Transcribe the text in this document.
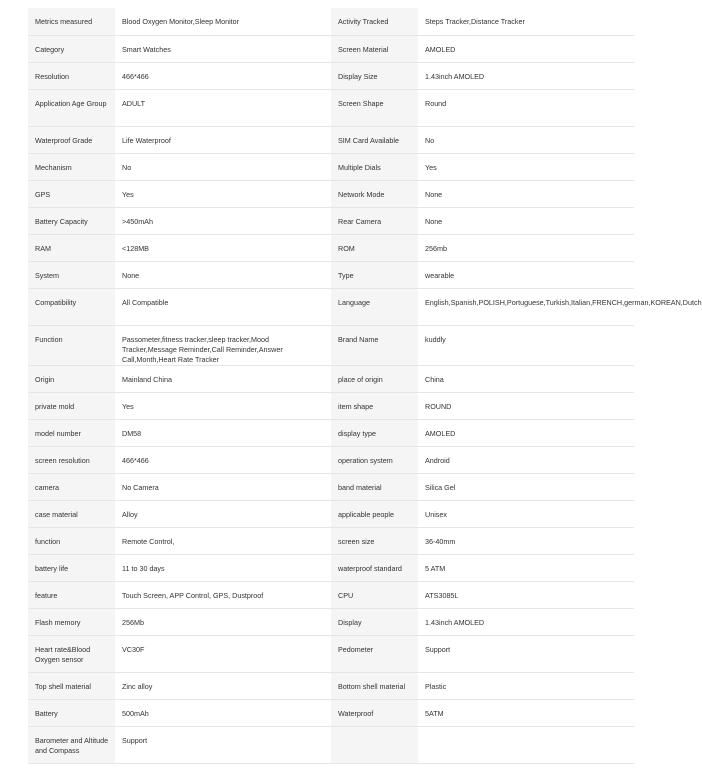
Metrics measured	Blood Oxygen Monitor,Sleep Monitor	Activity Tracked	Steps Tracker,Distance Tracker
Category	Smart Watches	Screen Material	AMOLED
Resolution	466*466	Display Size	1.43inch AMOLED
Application Age Group	ADULT	Screen Shape	Round
Waterproof Grade	Life Waterproof	SIM Card Available	No
Mechanism	No	Multiple Dials	Yes
GPS	Yes	Network Mode	None
Battery Capacity	>450mAh	Rear Camera	None
RAM	<128MB	ROM	256mb
System	None	Type	wearable
Compatibility	All Compatible	Language	English,Spanish,POLISH,Portuguese,Turkish,Italian,FRENCH,german,KOREAN,Dutch
Function	Passometer,fitness tracker,sleep tracker,Mood Tracker,Message Reminder,Call Reminder,Answer Call,Month,Heart Rate Tracker	Brand Name	kuddly
Origin	Mainland China	place of origin	China
private mold	Yes	item shape	ROUND
model number	DM58	display type	AMOLED
screen resolution	466*466	operation system	Android
camera	No Camera	band material	Silica Gel
case material	Alloy	applicable people	Unisex
function	Remote Control,	screen size	36-40mm
battery life	11 to 30 days	waterproof standard	5 ATM
feature	Touch Screen, APP Control, GPS, Dustproof	CPU	ATS3085L
Flash memory	256Mb	Display	1.43inch AMOLED
Heart rate&Blood Oxygen sensor	VC30F	Pedometer	Support
Top shell material	Zinc alloy	Bottom shell material	Plastic
Battery	500mAh	Waterproof	5ATM
Barometer and Altitude and Compass	Support		
